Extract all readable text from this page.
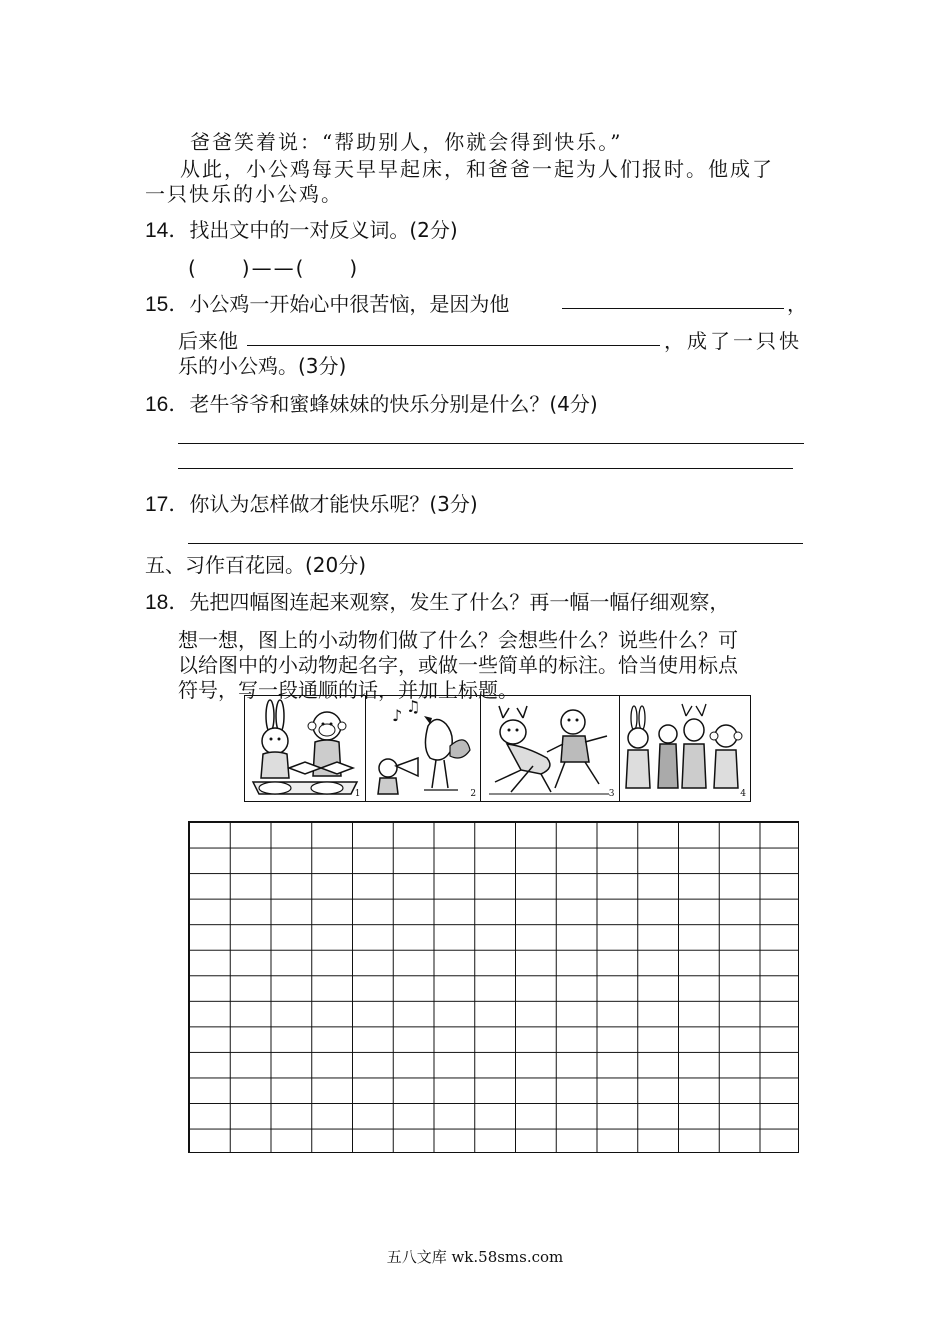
爸爸笑着说：“帮助别人，你就会得到快乐。”
从此，小公鸡每天早早起床，和爸爸一起为人们报时。他成了
一只快乐的小公鸡。
14．找出文中的一对反义词。(2分)
(　　)——(　　)
15．小公鸡一开始心中很苦恼，是因为他	，
后来他	，成了一只快
乐的小公鸡。(3分)
16．老牛爷爷和蜜蜂妹妹的快乐分别是什么？(4分)
17．你认为怎样做才能快乐呢？(3分)
五、习作百花园。(20分)
18．先把四幅图连起来观察，发生了什么？再一幅一幅仔细观察，
想一想，图上的小动物们做了什么？会想些什么？说些什么？可
以给图中的小动物起名字，或做一些简单的标注。恰当使用标点
符号，写一段通顺的话，并加上标题。
1
♪ ♫
2	3	4
五八文库 wk.58sms.com
